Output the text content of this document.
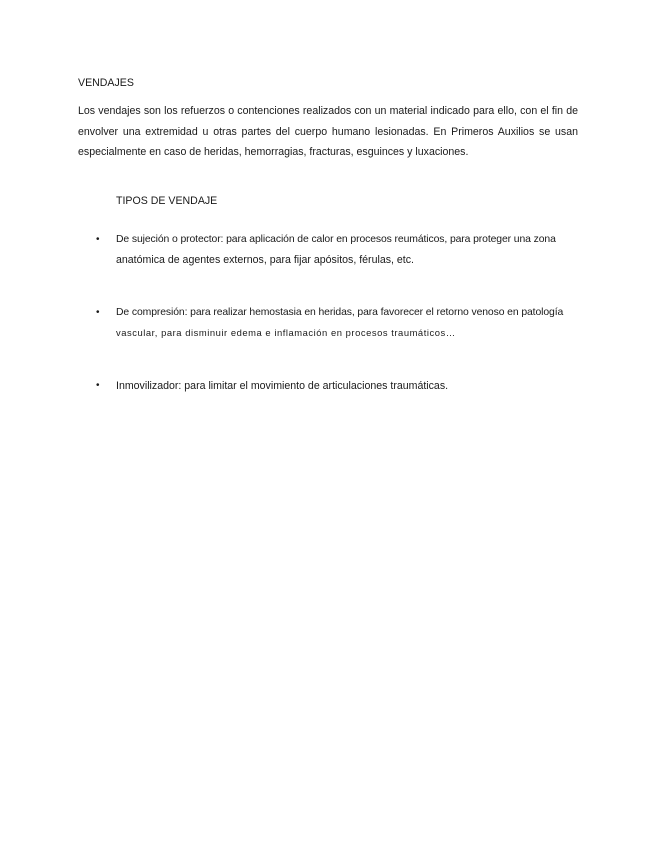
VENDAJES

Los vendajes son los refuerzos o contenciones realizados con un material indicado para ello, con el fin de envolver una extremidad u otras partes del cuerpo humano lesionadas. En Primeros Auxilios se usan especialmente en caso de heridas, hemorragias, fracturas, esguinces y luxaciones.

TIPOS DE VENDAJE
• De sujeción o protector: para aplicación de calor en procesos reumáticos, para proteger una zona
anatómica de agentes externos, para fijar apósitos, férulas, etc.
• De compresión: para realizar hemostasia en heridas, para favorecer el retorno venoso en patología
vascular, para disminuir edema e inflamación en procesos traumáticos…
• Inmovilizador: para limitar el movimiento de articulaciones traumáticas.
